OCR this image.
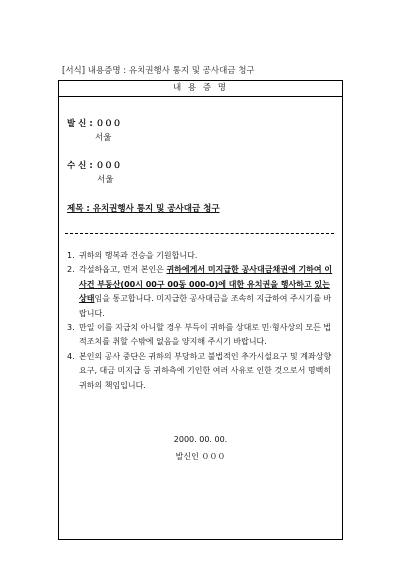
[서식] 내용증명 : 유치권행사 통지 및 공사대금 청구
내 용 증 명
발 신 : ０００
서울
수 신 : ０００
서울
제목 : 유치권행사 통지 및 공사대금 청구
1. 귀하의 행복과 건승을 기원합니다.
2. 각설하옵고, 먼저 본인은 귀하에게서 미지급한 공사대금채권에 기하여 이 사건 부동산(00시 00구 00동 000-0)에 대한 유치권을 행사하고 있는 상태임을 통고합니다. 미지급한 공사대금을 조속히 지급하여 주시기를 바랍니다.
3. 만일 이를 지급치 아니할 경우 부득이 귀하를 상대로 민·형사상의 모든 법적조치를 취할 수밖에 없음을 양지해 주시기 바랍니다.
4. 본인의 공사 중단은 귀하의 부당하고 불법적인 추가시설요구 및 계좌상향요구, 대금 미지급 등 귀하측에 기인한 여러 사유로 인한 것으로서 명백히 귀하의 책임입니다.
2000. 00. 00.
발신인 ０００
